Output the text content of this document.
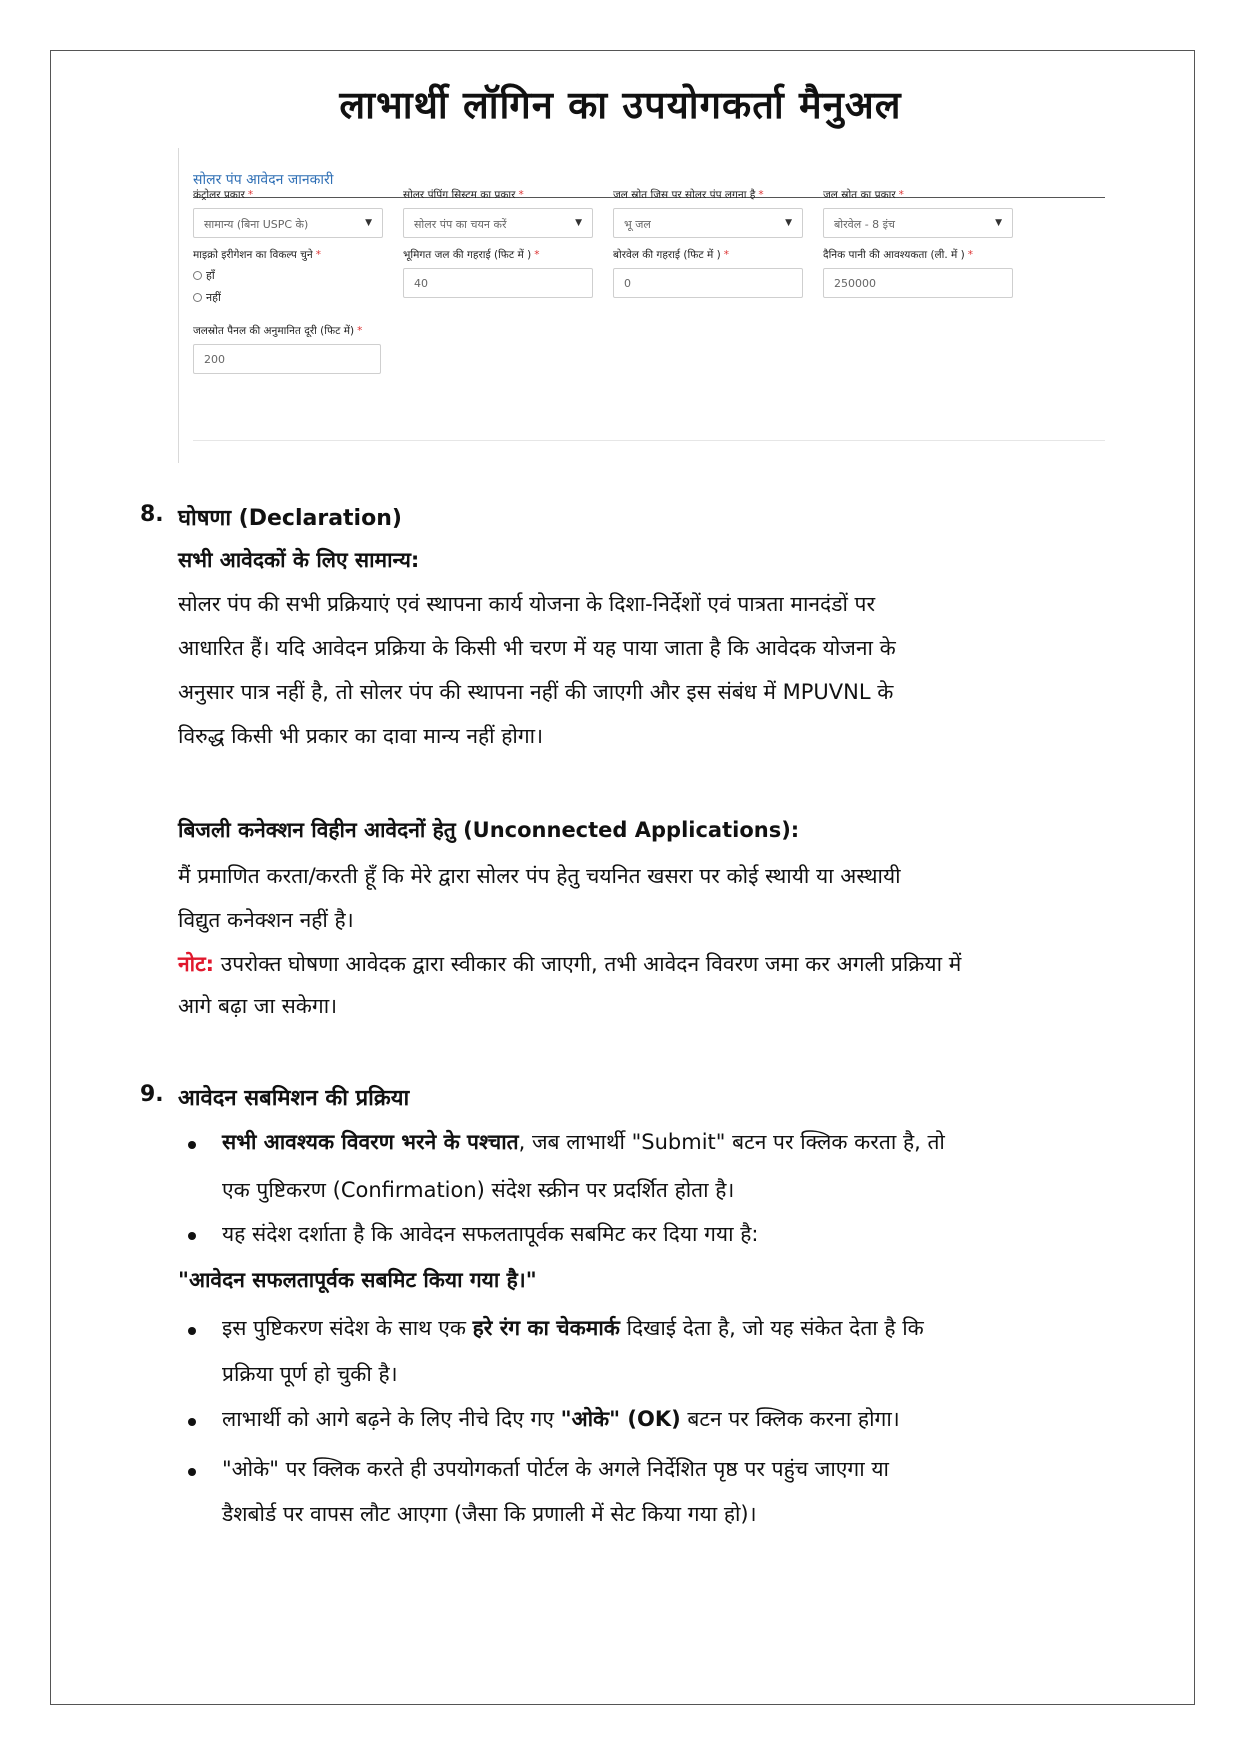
लाभार्थी लॉगिन का उपयोगकर्ता मैनुअल
सोलर पंप आवेदन जानकारी
कंट्रोलर प्रकार *
सामान्य (बिना USPC के)	▼
सोलर पंपिंग सिस्टम का प्रकार *
सोलर पंप का चयन करें	▼
जल स्रोत जिस पर सोलर पंप लगना है *
भू जल	▼
जल स्रोत का प्रकार *
बोरवेल - 8 इंच	▼
माइक्रो इरीगेशन का विकल्प चुने *
हाँ
नहीं
भूमिगत जल की गहराई (फिट में ) *
40
बोरवेल की गहराई (फिट में ) *
0
दैनिक पानी की आवश्यकता (ली. में ) *
250000
जलस्रोत पैनल की अनुमानित दूरी (फिट में) *
200
8. घोषणा (Declaration)
सभी आवेदकों के लिए सामान्य:
सोलर पंप की सभी प्रक्रियाएं एवं स्थापना कार्य योजना के दिशा-निर्देशों एवं पात्रता मानदंडों पर
आधारित हैं। यदि आवेदन प्रक्रिया के किसी भी चरण में यह पाया जाता है कि आवेदक योजना के
अनुसार पात्र नहीं है, तो सोलर पंप की स्थापना नहीं की जाएगी और इस संबंध में MPUVNL के
विरुद्ध किसी भी प्रकार का दावा मान्य नहीं होगा।
बिजली कनेक्शन विहीन आवेदनों हेतु (Unconnected Applications):
मैं प्रमाणित करता/करती हूँ कि मेरे द्वारा सोलर पंप हेतु चयनित खसरा पर कोई स्थायी या अस्थायी
विद्युत कनेक्शन नहीं है।
नोट: उपरोक्त घोषणा आवेदक द्वारा स्वीकार की जाएगी, तभी आवेदन विवरण जमा कर अगली प्रक्रिया में
आगे बढ़ा जा सकेगा।
9. आवेदन सबमिशन की प्रक्रिया
सभी आवश्यक विवरण भरने के पश्चात, जब लाभार्थी "Submit" बटन पर क्लिक करता है, तो
एक पुष्टिकरण (Confirmation) संदेश स्क्रीन पर प्रदर्शित होता है।
यह संदेश दर्शाता है कि आवेदन सफलतापूर्वक सबमिट कर दिया गया है:
"आवेदन सफलतापूर्वक सबमिट किया गया है।"
इस पुष्टिकरण संदेश के साथ एक हरे रंग का चेकमार्क दिखाई देता है, जो यह संकेत देता है कि
प्रक्रिया पूर्ण हो चुकी है।
लाभार्थी को आगे बढ़ने के लिए नीचे दिए गए "ओके" (OK) बटन पर क्लिक करना होगा।
"ओके" पर क्लिक करते ही उपयोगकर्ता पोर्टल के अगले निर्देशित पृष्ठ पर पहुंच जाएगा या
डैशबोर्ड पर वापस लौट आएगा (जैसा कि प्रणाली में सेट किया गया हो)।
